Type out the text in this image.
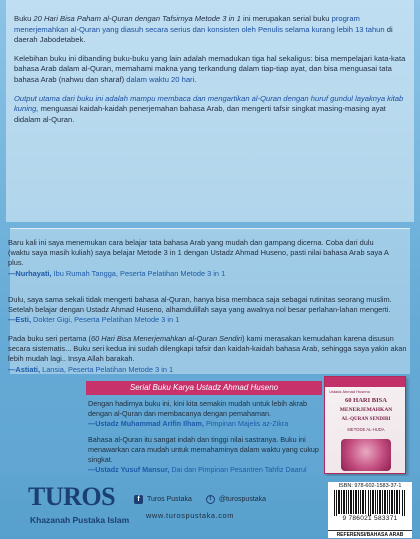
Buku 20 Hari Bisa Paham al-Quran dengan Tafsirnya Metode 3 in 1 ini merupakan serial buku program menerjemahkan al-Quran yang diasuh secara serius dan konsisten oleh Penulis selama kurang lebih 13 tahun di daerah Jabodetabek.

Kelebihan buku ini dibanding buku-buku yang lain adalah memadukan tiga hal sekaligus: bisa mempelajari kata-kata bahasa Arab dalam al-Quran, memahami makna yang terkandung dalam tiap-tiap ayat, dan bisa menguasai tata bahasa Arab (nahwu dan sharaf) dalam waktu 20 hari.

Output utama dari buku ini adalah mampu membaca dan mengartikan al-Quran dengan huruf gundul layaknya kitab kuning, menguasai kaidah-kaidah penerjemahan bahasa Arab, dan mengerti tafsir singkat masing-masing ayat didalam al-Quran.

Baru kali ini saya menemukan cara belajar tata bahasa Arab yang mudah dan gampang dicerna. Coba dari dulu (waktu saya masih kuliah) saya belajar Metode 3 in 1 dengan Ustadz Ahmad Huseno, pasti nilai bahasa Arab saya A plus.
—Nurhayati, Ibu Rumah Tangga, Peserta Pelatihan Metode 3 in 1
Dulu, saya sama sekali tidak mengerti bahasa al-Quran, hanya bisa membaca saja sebagai rutinitas seorang muslim. Setelah belajar dengan Ustadz Ahmad Huseno, alhamdulillah saya yang awalnya nol besar perlahan-lahan mengerti.
—Esti, Dokter Gigi, Peserta Pelatihan Metode 3 in 1
Serial Buku Karya Ustadz Ahmad Huseno

Dengan hadirnya buku ini, kini kita semakin mudah untuk lebih akrab dengan al-Quran dan membacanya dengan pemahaman.
—Ustadz Muhammad Arifin Ilham, Pimpinan Majelis az-Zikra

Bahasa al-Quran itu sangat indah dan tinggi nilai sastranya. Buku ini menawarkan cara mudah untuk memahaminya dalam waktu yang cukup singkat.
—Ustadz Yusuf Mansur, Dai dan Pimpinan Pesantren Tahfiz Daarul

Ustadz Ahmad Huseno
60 HARI BISA
MENERJEMAHKAN
AL-QURAN SENDIRI
METODE AL-HUDA
TUROS
Khazanah Pustaka Islam
f	Turos Pustaka	t	@turospustaka
www.turospustaka.com
ISBN: 978-602-1583-37-1
9 786021 583371
REFERENSI/BAHASA ARAB
Pada buku seri pertama (60 Hari Bisa Menerjemahkan al-Quran Sendiri) kami merasakan kemudahan karena disusun secara sistematis... Buku seri kedua ini sudah dilengkapi tafsir dan kaidah-kaidah bahasa Arab, sehingga saya yakin akan lebih mudah lagi.. Insya Allah barakah.
—Astiati, Lansia, Peserta Pelatihan Metode 3 in 1
